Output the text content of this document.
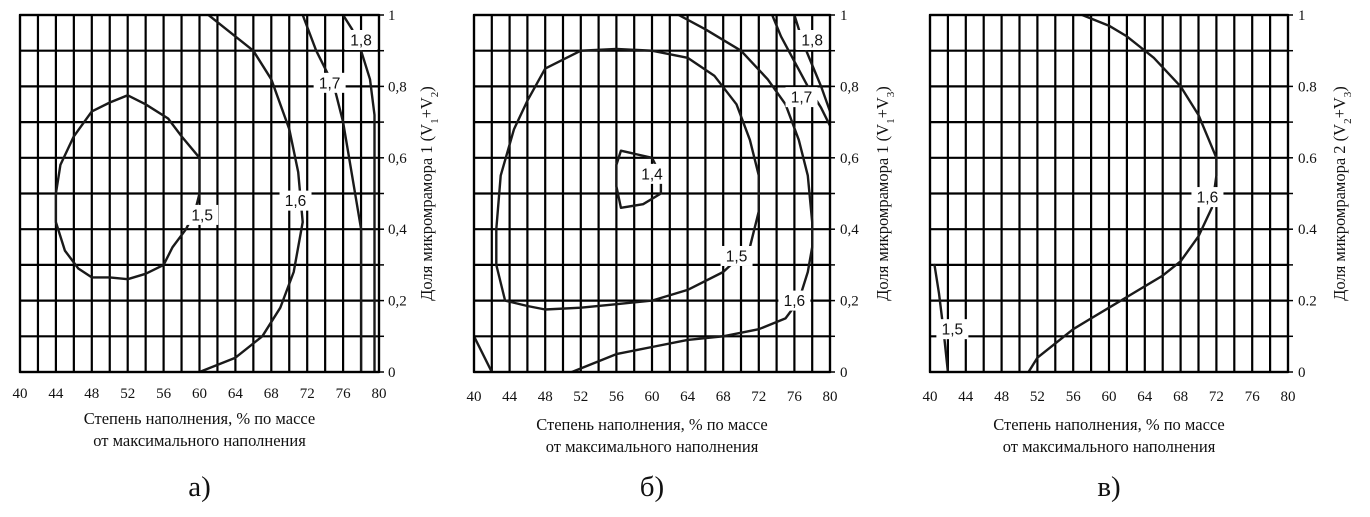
1,5
1,6
1,7
1,8
40 44 48 52 56 60 64 68 72 76 80
0
0,2
0,4
0,6
0,8
1
Степень наполнения, % по массе
от максимального наполнения
Доля микромрамора 1 $(V_1+V_2)$
а)
1,4
1,5
1,6
1,7
1,8
40 44 48 52 56 60 64 68 72 76 80
0
0,2
0,4
0,6
0,8
1
Степень наполнения, % по массе
от максимального наполнения
Доля микромрамора 1 $(V_1+V_3)$
б)
1,5
1,6
40 44 48 52 56 60 64 68 72 76 80
0
0.2
0.4
0.6
0.8
1
Степень наполнения, % по массе
от максимального наполнения
Доля микромрамора 2 $(V_2+V_3)$
в)
